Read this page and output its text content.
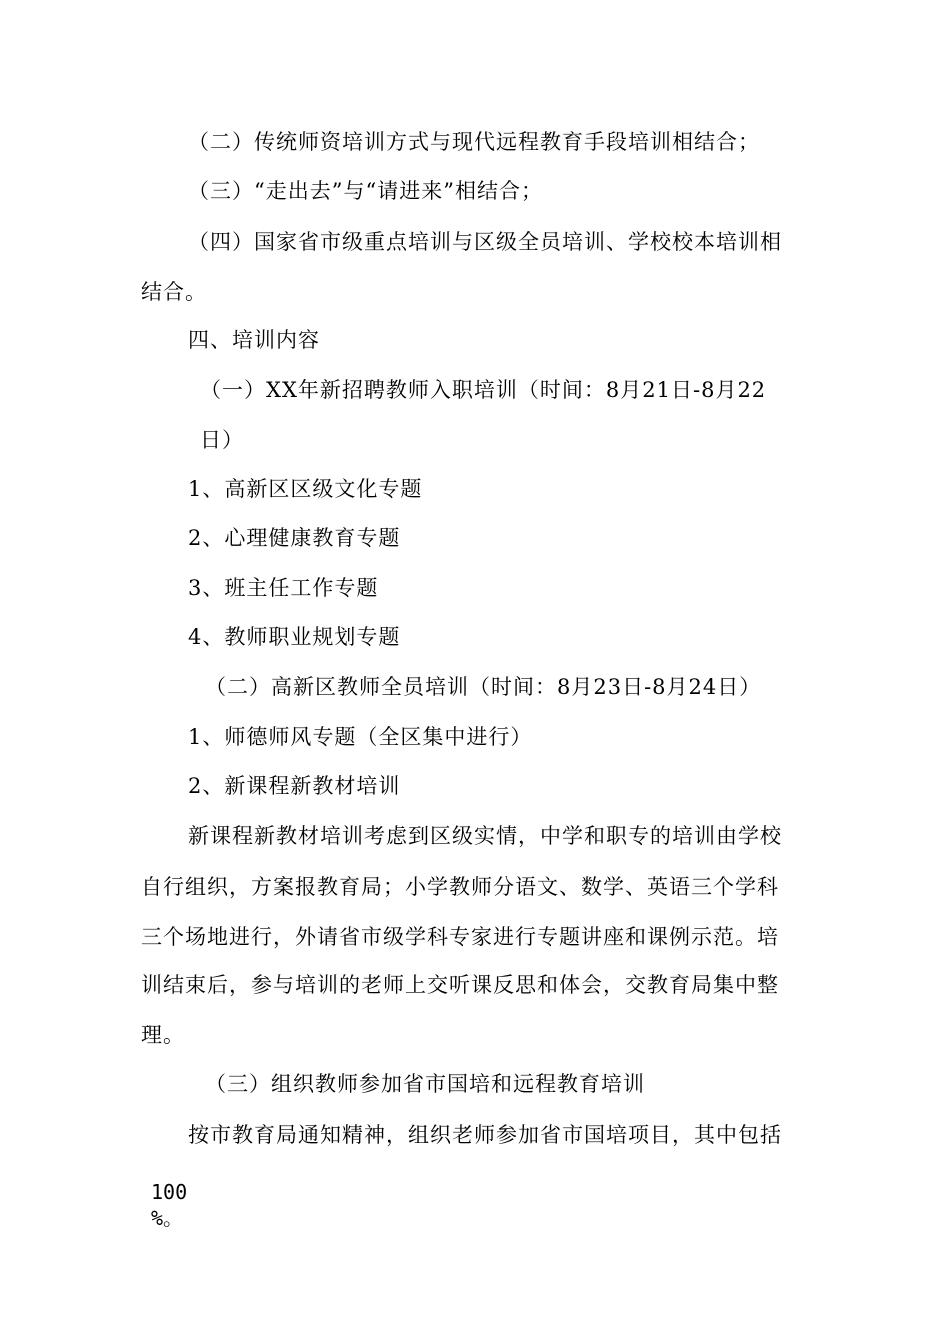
（二）传统师资培训方式与现代远程教育手段培训相结合；
（三）“走出去”与“请进来”相结合；
（四）国家省市级重点培训与区级全员培训、学校校本培训相
结合。
四、培训内容
（一）XX年新招聘教师入职培训（时间：8月21日-8月22
日）
1、高新区区级文化专题
2、心理健康教育专题
3、班主任工作专题
4、教师职业规划专题
（二）高新区教师全员培训（时间：8月23日-8月24日）
1、师德师风专题（全区集中进行）
2、新课程新教材培训
新课程新教材培训考虑到区级实情，中学和职专的培训由学校
自行组织，方案报教育局；小学教师分语文、数学、英语三个学科
三个场地进行，外请省市级学科专家进行专题讲座和课例示范。培
训结束后，参与培训的老师上交听课反思和体会，交教育局集中整
理。
（三）组织教师参加省市国培和远程教育培训
按市教育局通知精神，组织老师参加省市国培项目，其中包括
100
%。
